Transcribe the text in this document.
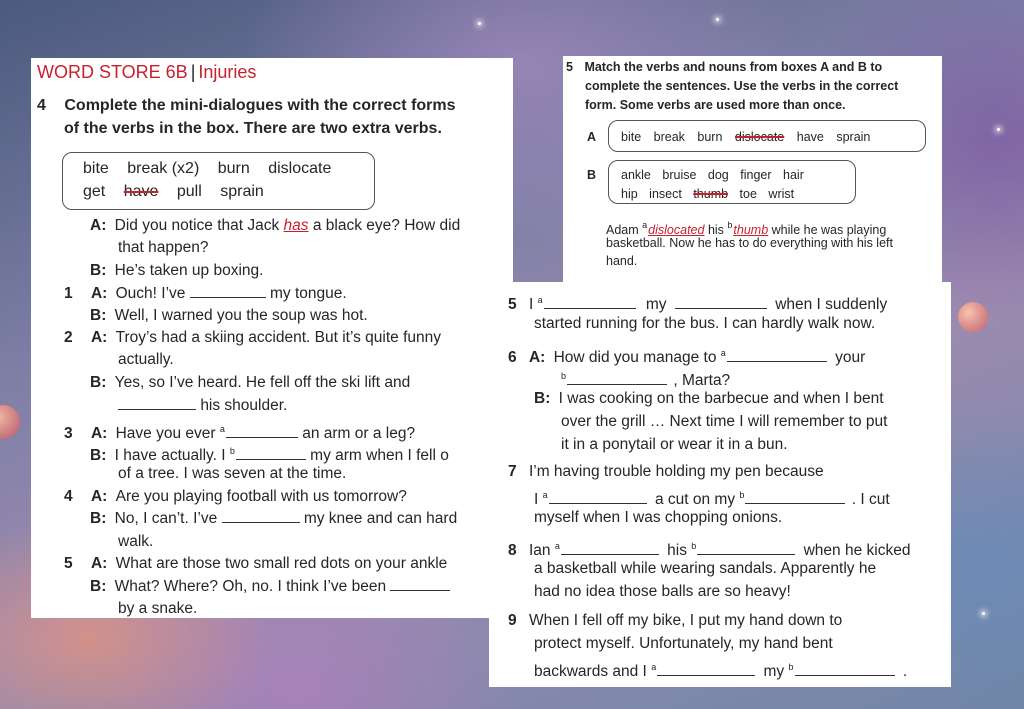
WORD STORE 6B | Injuries
4 Complete the mini-dialogues with the correct forms
of the verbs in the box. There are two extra verbs.
bite break (x2) burn dislocate
get have pull sprain
A: Did you notice that Jack has a black eye? How did
that happen?
B: He’s taken up boxing.
1 A: Ouch! I’ve	my tongue.
B: Well, I warned you the soup was hot.
2 A: Troy’s had a skiing accident. But it’s quite funny
actually.
B: Yes, so I’ve heard. He fell off the ski lift and
his shoulder.
3 A: Have you ever $^a$	an arm or a leg?
B: I have actually. I $^b$	my arm when I fell o
of a tree. I was seven at the time.
4 A: Are you playing football with us tomorrow?
B: No, I can’t. I’ve	my knee and can hard
walk.
5 A: What are those two small red dots on your ankle
B: What? Where? Oh, no. I think I’ve been
by a snake.
5 Match the verbs and nouns from boxes A and B to
complete the sentences. Use the verbs in the correct
form. Some verbs are used more than once.
A bite break burn dislocate have sprain
B ankle bruise dog finger hair
hip insect thumb toe wrist
Adam $^a$dislocated his $^b$thumb while he was playing
basketball. Now he has to do everything with his left
hand.
5 I $^a$	my	when I suddenly
started running for the bus. I can hardly walk now.
6 A: How did you manage to $^a$	your
$^b$	, Marta?
B: I was cooking on the barbecue and when I bent
over the grill … Next time I will remember to put
it in a ponytail or wear it in a bun.
7 I’m having trouble holding my pen because
I $^a$	a cut on my $^b$	. I cut
myself when I was chopping onions.
8 Ian $^a$	his $^b$	when he kicked
a basketball while wearing sandals. Apparently he
had no idea those balls are so heavy!
9 When I fell off my bike, I put my hand down to
protect myself. Unfortunately, my hand bent
backwards and I $^a$	my $^b$	.
